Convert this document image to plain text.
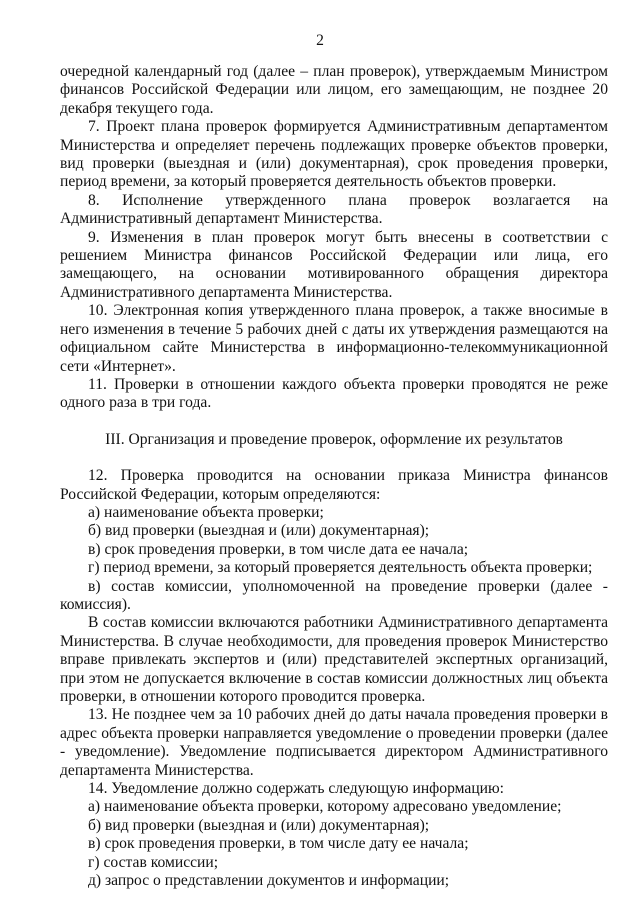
2

очередной календарный год (далее – план проверок), утверждаемым Министром финансов Российской Федерации или лицом, его замещающим, не позднее 20 декабря текущего года.

7. Проект плана проверок формируется Административным департаментом Министерства и определяет перечень подлежащих проверке объектов проверки, вид проверки (выездная и (или) документарная), срок проведения проверки, период времени, за который проверяется деятельность объектов проверки.

8. Исполнение утвержденного плана проверок возлагается на Административный департамент Министерства.

9. Изменения в план проверок могут быть внесены в соответствии с решением Министра финансов Российской Федерации или лица, его замещающего, на основании мотивированного обращения директора Административного департамента Министерства.

10. Электронная копия утвержденного плана проверок, а также вносимые в него изменения в течение 5 рабочих дней с даты их утверждения размещаются на официальном сайте Министерства в информационно-телекоммуникационной сети «Интернет».

11. Проверки в отношении каждого объекта проверки проводятся не реже одного раза в три года.

III. Организация и проведение проверок, оформление их результатов

12. Проверка проводится на основании приказа Министра финансов Российской Федерации, которым определяются:

а) наименование объекта проверки;

б) вид проверки (выездная и (или) документарная);

в) срок проведения проверки, в том числе дата ее начала;

г) период времени, за который проверяется деятельность объекта проверки;

в) состав комиссии, уполномоченной на проведение проверки (далее - комиссия).

В состав комиссии включаются работники Административного департамента Министерства. В случае необходимости, для проведения проверок Министерство вправе привлекать экспертов и (или) представителей экспертных организаций, при этом не допускается включение в состав комиссии должностных лиц объекта проверки, в отношении которого проводится проверка.

13. Не позднее чем за 10 рабочих дней до даты начала проведения проверки в адрес объекта проверки направляется уведомление о проведении проверки (далее - уведомление). Уведомление подписывается директором Административного департамента Министерства.

14. Уведомление должно содержать следующую информацию:

а) наименование объекта проверки, которому адресовано уведомление;

б) вид проверки (выездная и (или) документарная);

в) срок проведения проверки, в том числе дату ее начала;

г) состав комиссии;

д) запрос о представлении документов и информации;
